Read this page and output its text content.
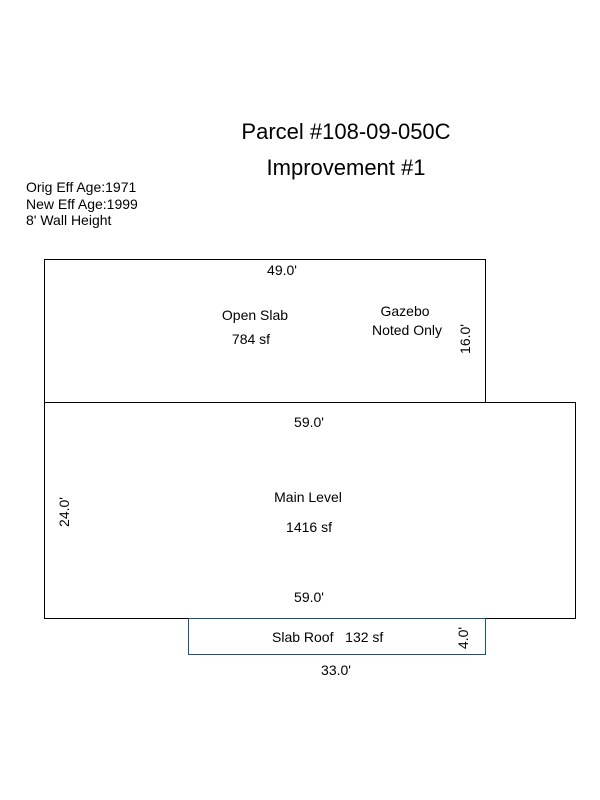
Parcel #108-09-050C
Improvement #1
Orig Eff Age:1971
New Eff Age:1999
8' Wall Height
49.0'
Open Slab
784 sf
Gazebo
Noted Only 16.0'
59.0'
Main Level
1416 sf
59.0'
24.0'
Slab Roof   132 sf	4.0'
33.0'
